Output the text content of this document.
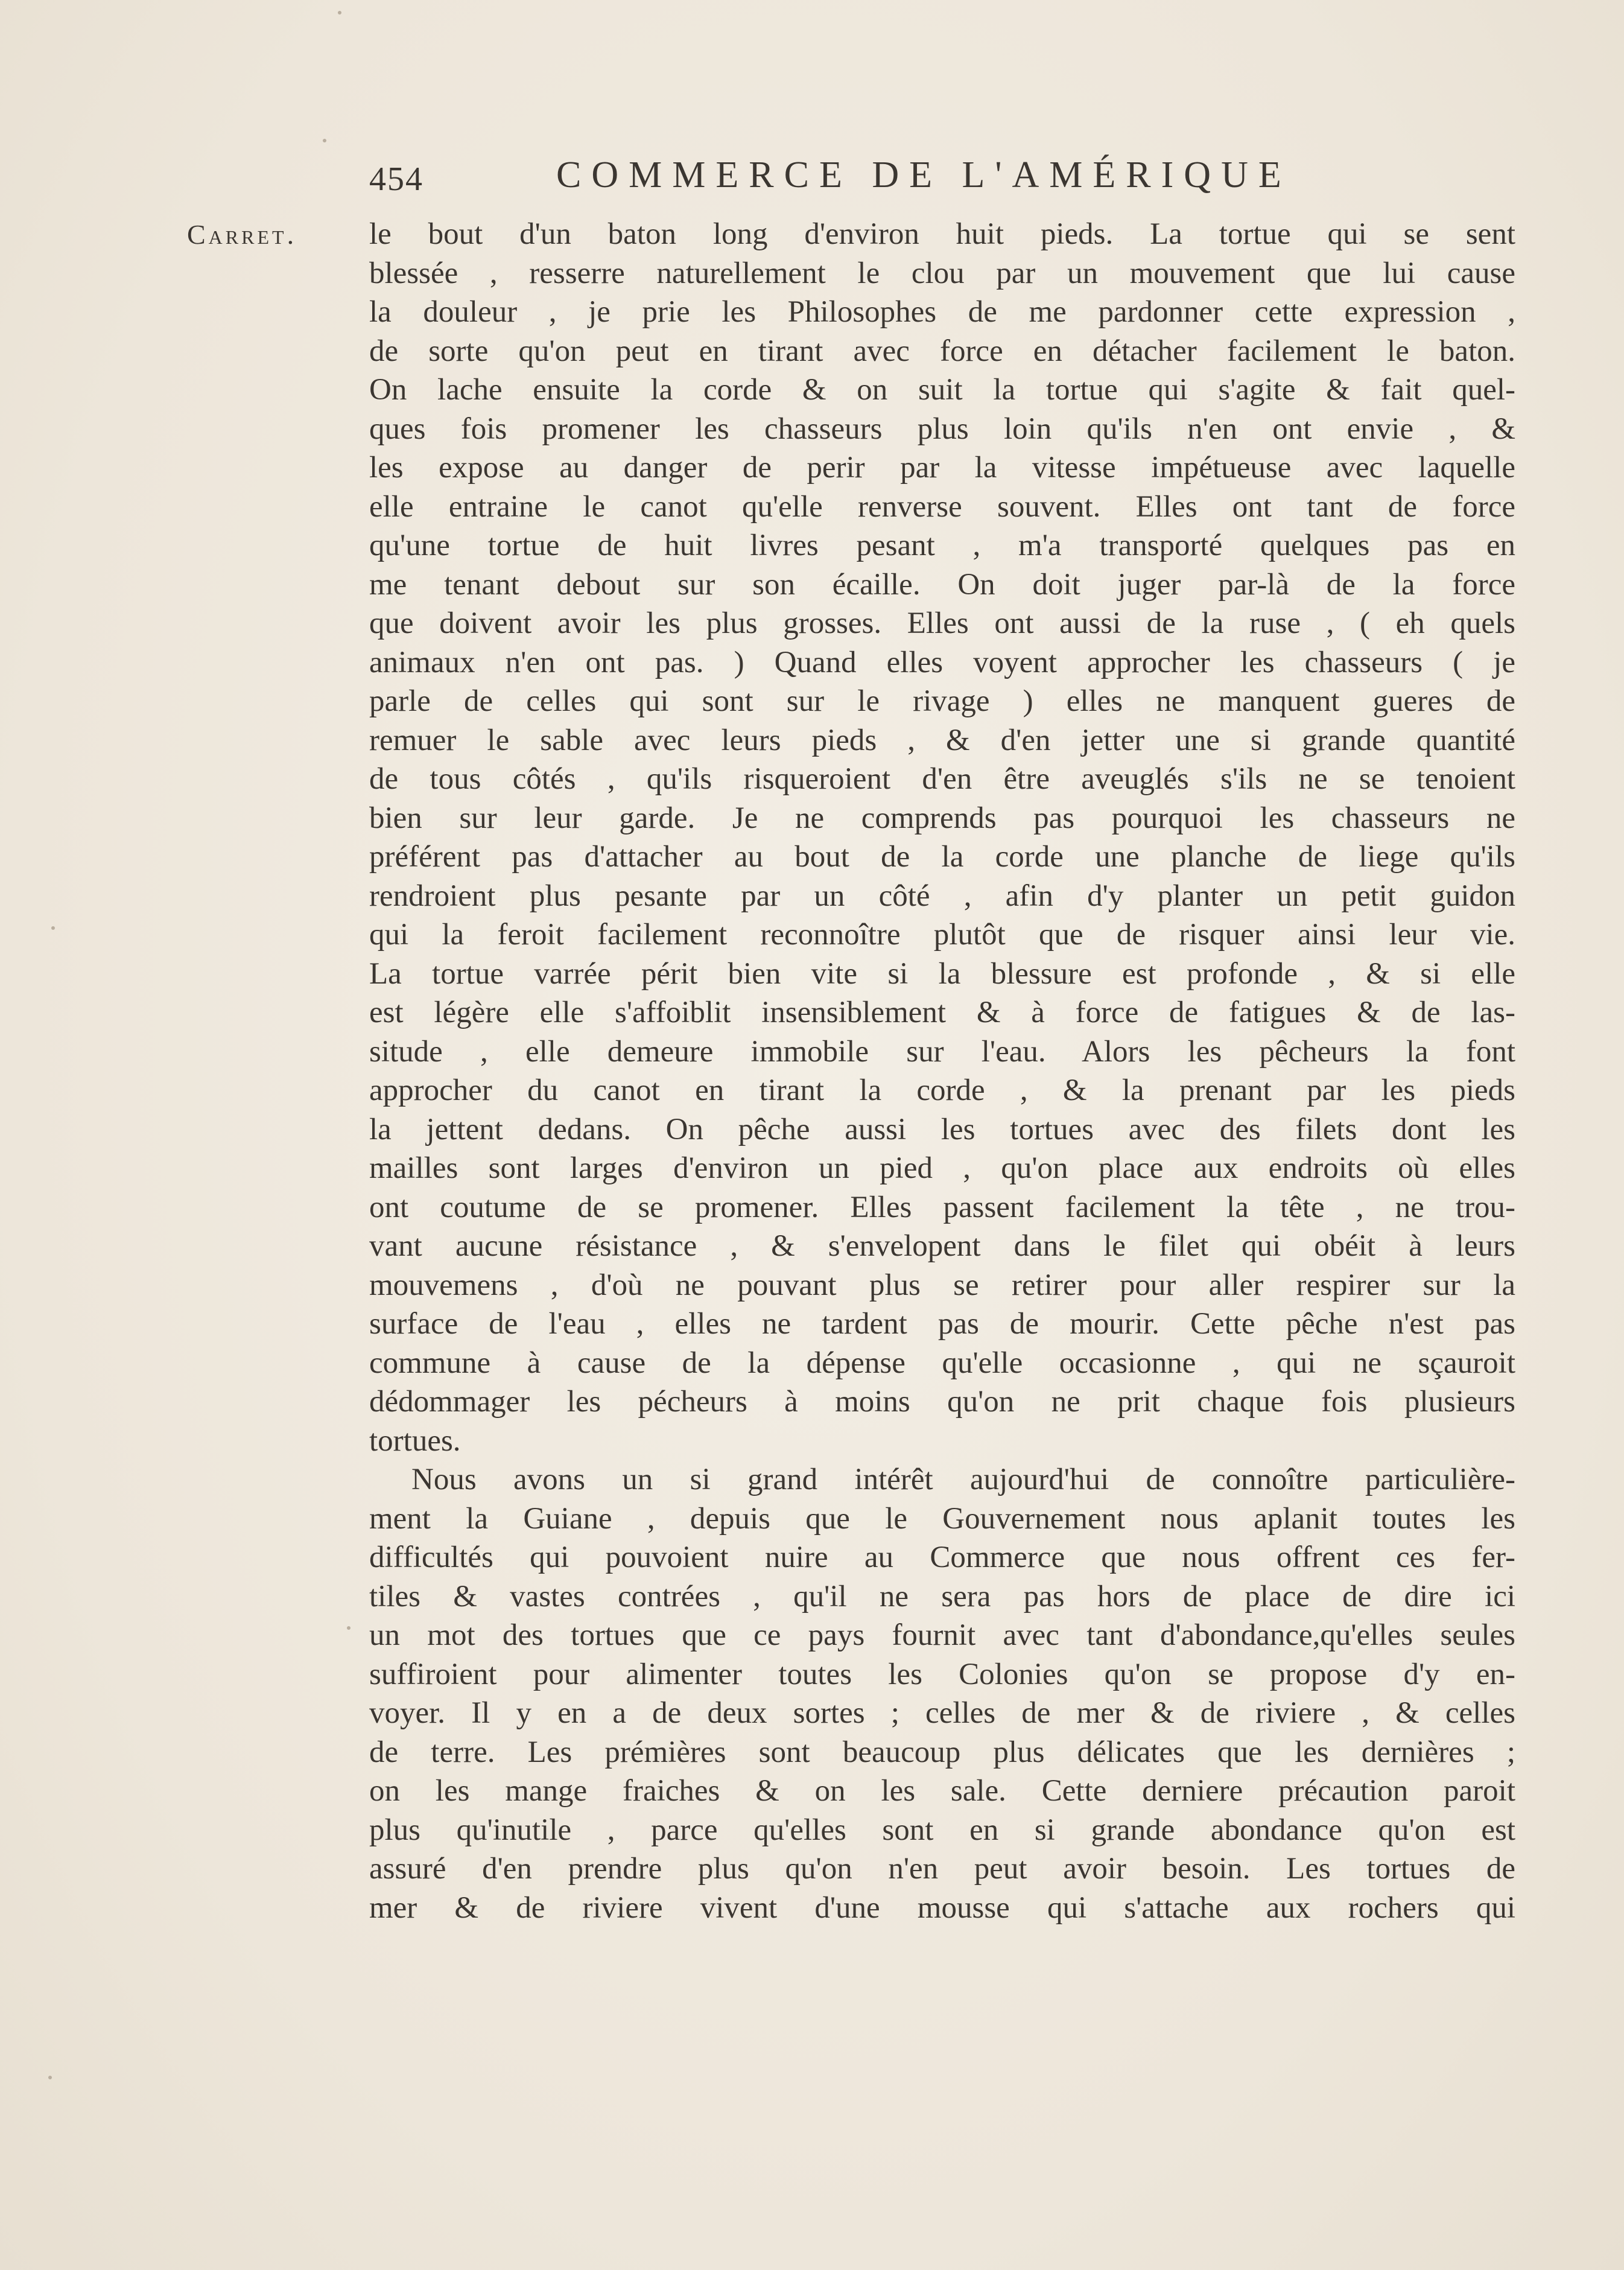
454	COMMERCE DE L'AMÉRIQUE
Carret. le bout d'un baton long d'environ huit pieds. La tortue qui se sent
blessée , resserre naturellement le clou par un mouvement que lui cause
la douleur , je prie les Philosophes de me pardonner cette expression ,
de sorte qu'on peut en tirant avec force en détacher facilement le baton.
On lache ensuite la corde & on suit la tortue qui s'agite & fait quel-
ques fois promener les chasseurs plus loin qu'ils n'en ont envie , &
les expose au danger de perir par la vitesse impétueuse avec laquelle
elle entraine le canot qu'elle renverse souvent. Elles ont tant de force
qu'une tortue de huit livres pesant , m'a transporté quelques pas en
me tenant debout sur son écaille. On doit juger par-là de la force
que doivent avoir les plus grosses. Elles ont aussi de la ruse , ( eh quels
animaux n'en ont pas. ) Quand elles voyent approcher les chasseurs ( je
parle de celles qui sont sur le rivage ) elles ne manquent gueres de
remuer le sable avec leurs pieds , & d'en jetter une si grande quantité
de tous côtés , qu'ils risqueroient d'en être aveuglés s'ils ne se tenoient
bien sur leur garde. Je ne comprends pas pourquoi les chasseurs ne
préférent pas d'attacher au bout de la corde une planche de liege qu'ils
rendroient plus pesante par un côté , afin d'y planter un petit guidon
qui la feroit facilement reconnoître plutôt que de risquer ainsi leur vie.
La tortue varrée périt bien vite si la blessure est profonde , & si elle
est légère elle s'affoiblit insensiblement & à force de fatigues & de las-
situde , elle demeure immobile sur l'eau. Alors les pêcheurs la font
approcher du canot en tirant la corde , & la prenant par les pieds
la jettent dedans. On pêche aussi les tortues avec des filets dont les
mailles sont larges d'environ un pied , qu'on place aux endroits où elles
ont coutume de se promener. Elles passent facilement la tête , ne trou-
vant aucune résistance , & s'envelopent dans le filet qui obéit à leurs
mouvemens , d'où ne pouvant plus se retirer pour aller respirer sur la
surface de l'eau , elles ne tardent pas de mourir. Cette pêche n'est pas
commune à cause de la dépense qu'elle occasionne , qui ne sçauroit
dédommager les pécheurs à moins qu'on ne prit chaque fois plusieurs
tortues.
Nous avons un si grand intérêt aujourd'hui de connoître particulière-
ment la Guiane , depuis que le Gouvernement nous aplanit toutes les
difficultés qui pouvoient nuire au Commerce que nous offrent ces fer-
tiles & vastes contrées , qu'il ne sera pas hors de place de dire ici
un mot des tortues que ce pays fournit avec tant d'abondance,qu'elles seules
suffiroient pour alimenter toutes les Colonies qu'on se propose d'y en-
voyer. Il y en a de deux sortes ; celles de mer & de riviere , & celles
de terre. Les prémières sont beaucoup plus délicates que les dernières ;
on les mange fraiches & on les sale. Cette derniere précaution paroit
plus qu'inutile , parce qu'elles sont en si grande abondance qu'on est
assuré d'en prendre plus qu'on n'en peut avoir besoin. Les tortues de
mer & de riviere vivent d'une mousse qui s'attache aux rochers qui
